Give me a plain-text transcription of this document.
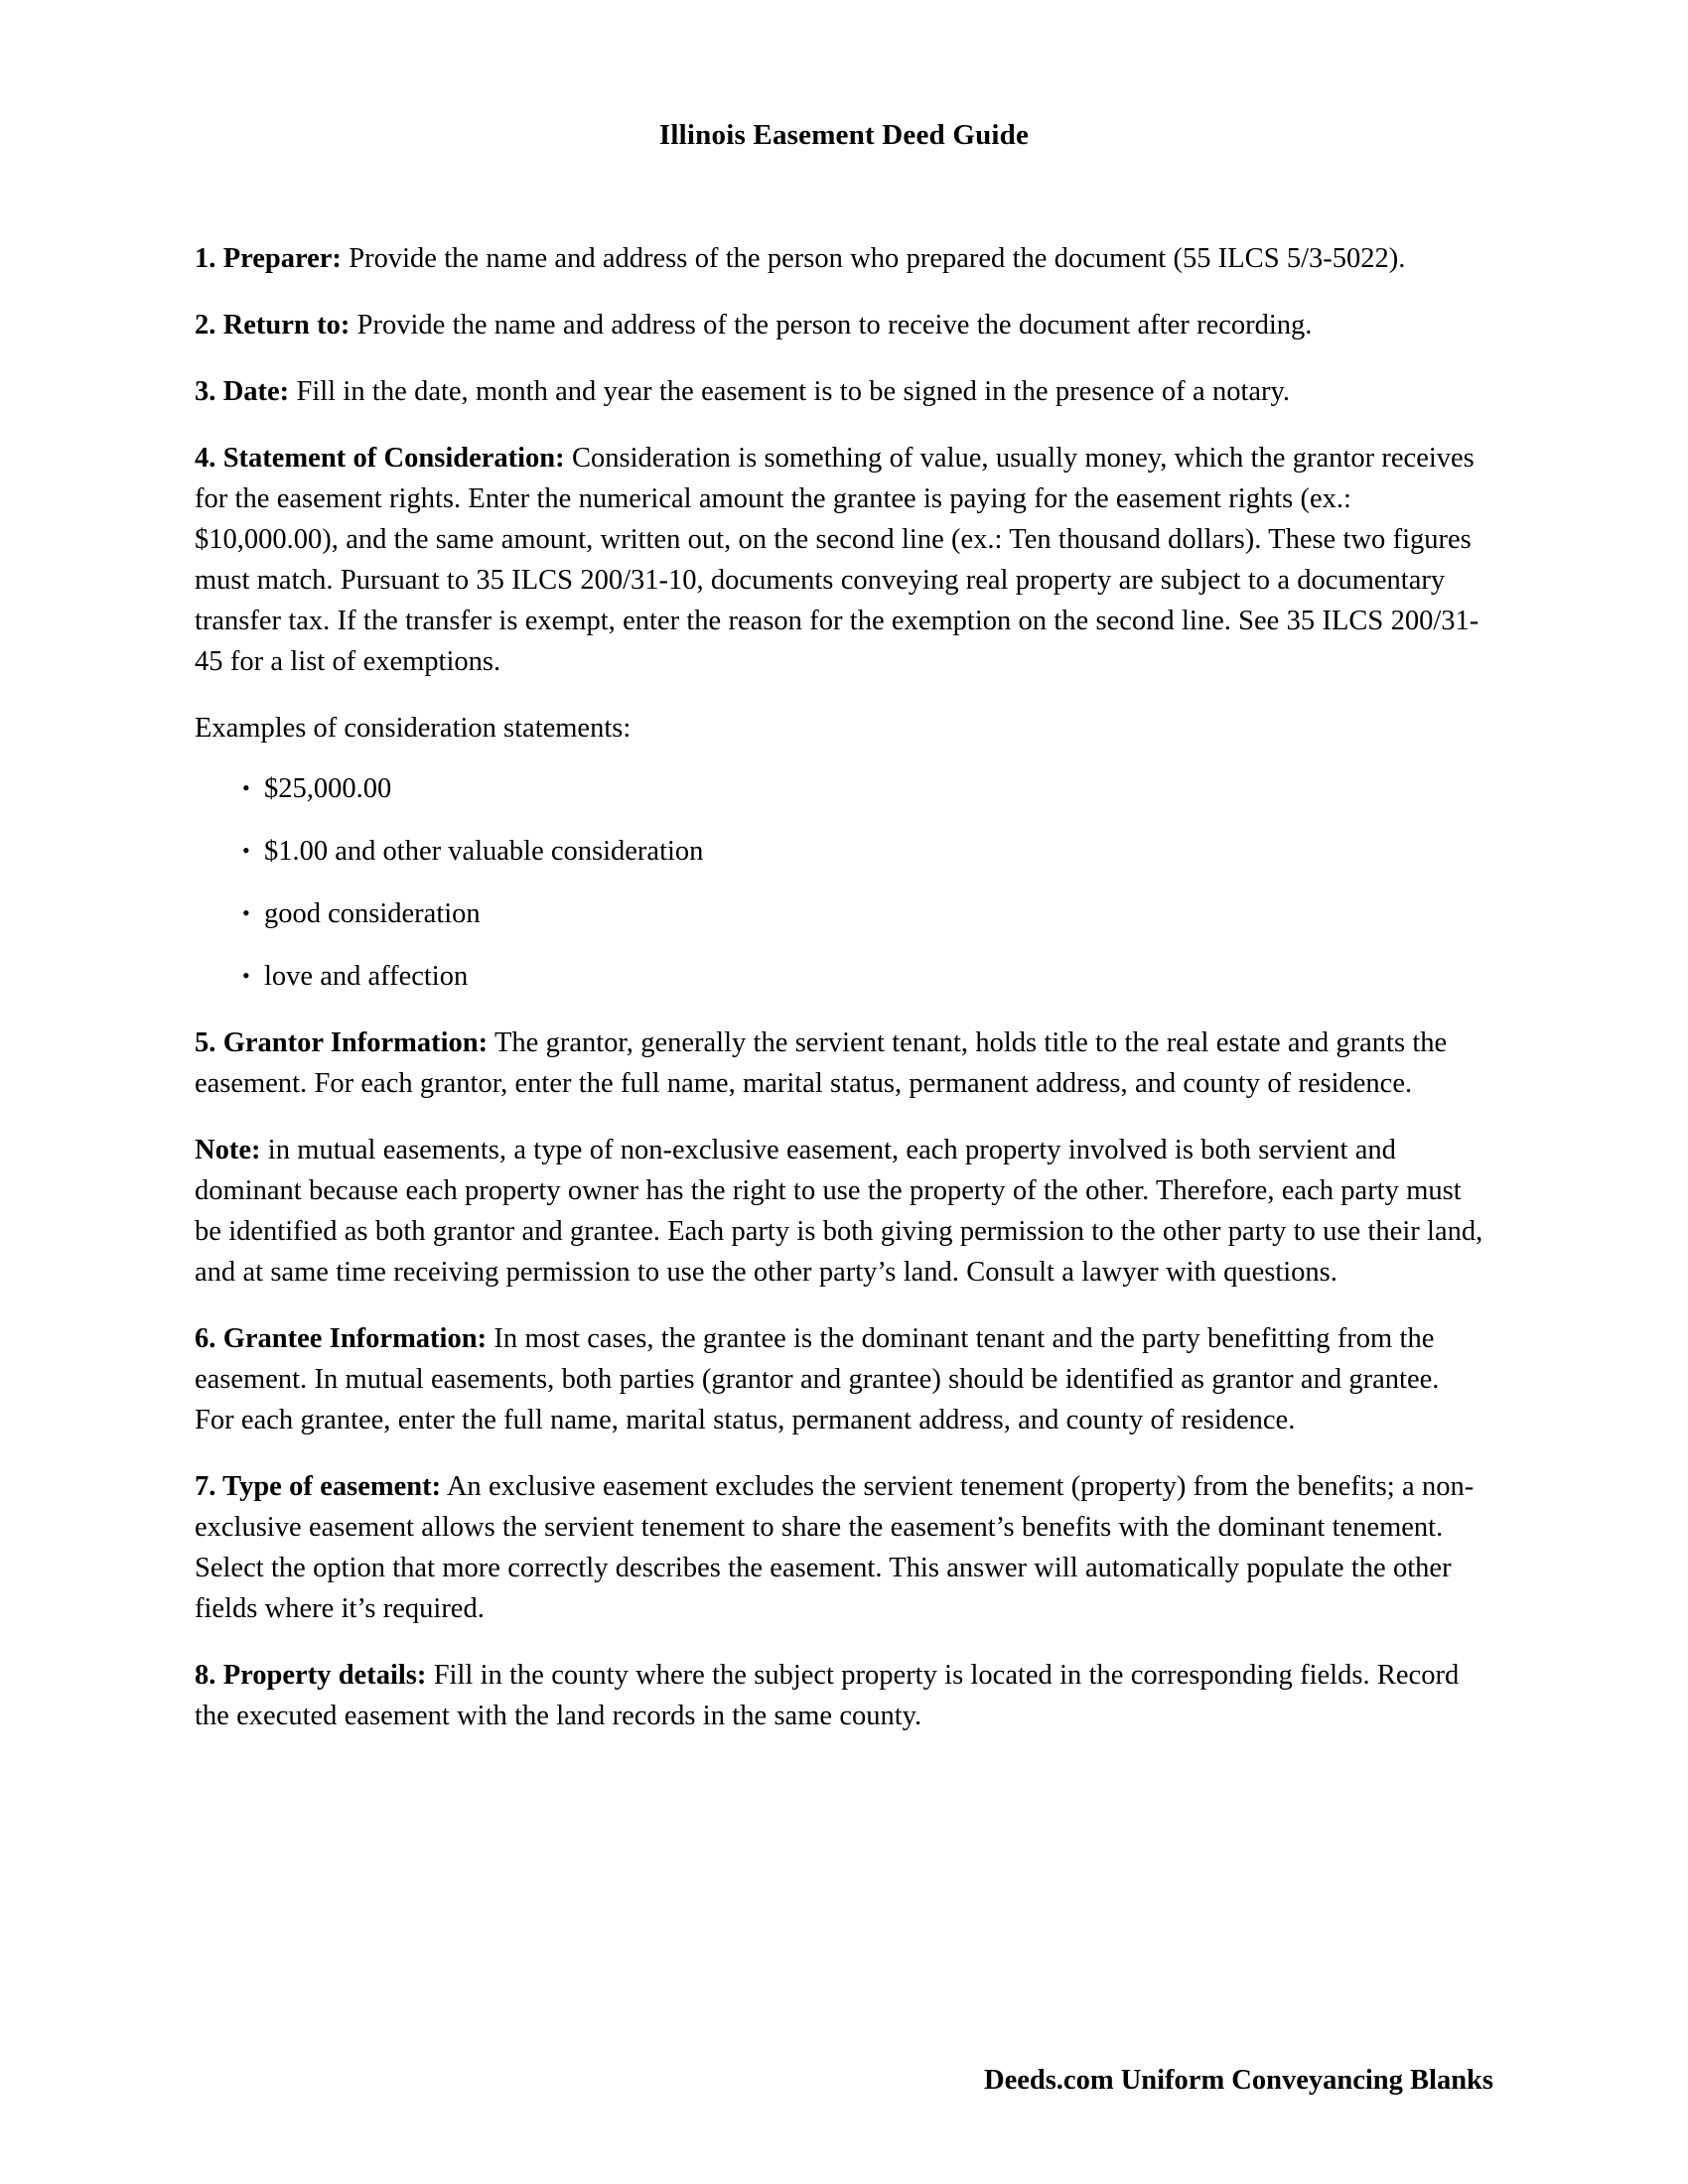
Illinois Easement Deed Guide

1. Preparer: Provide the name and address of the person who prepared the document (55 ILCS 5/3-5022).

2. Return to: Provide the name and address of the person to receive the document after recording.

3. Date: Fill in the date, month and year the easement is to be signed in the presence of a notary.

4. Statement of Consideration: Consideration is something of value, usually money, which the grantor receives for the easement rights. Enter the numerical amount the grantee is paying for the easement rights (ex.: $10,000.00), and the same amount, written out, on the second line (ex.: Ten thousand dollars). These two figures must match. Pursuant to 35 ILCS 200/31-10, documents conveying real property are subject to a documentary transfer tax. If the transfer is exempt, enter the reason for the exemption on the second line. See 35 ILCS 200/31-45 for a list of exemptions.

Examples of consideration statements:

• $25,000.00
• $1.00 and other valuable consideration
• good consideration
• love and affection

5. Grantor Information: The grantor, generally the servient tenant, holds title to the real estate and grants the easement. For each grantor, enter the full name, marital status, permanent address, and county of residence.

Note: in mutual easements, a type of non-exclusive easement, each property involved is both servient and dominant because each property owner has the right to use the property of the other. Therefore, each party must be identified as both grantor and grantee. Each party is both giving permission to the other party to use their land, and at same time receiving permission to use the other party’s land. Consult a lawyer with questions.

6. Grantee Information: In most cases, the grantee is the dominant tenant and the party benefitting from the easement. In mutual easements, both parties (grantor and grantee) should be identified as grantor and grantee. For each grantee, enter the full name, marital status, permanent address, and county of residence.

7. Type of easement: An exclusive easement excludes the servient tenement (property) from the benefits; a non-exclusive easement allows the servient tenement to share the easement’s benefits with the dominant tenement. Select the option that more correctly describes the easement. This answer will automatically populate the other fields where it’s required.

8. Property details: Fill in the county where the subject property is located in the corresponding fields. Record the executed easement with the land records in the same county.

Deeds.com Uniform Conveyancing Blanks
